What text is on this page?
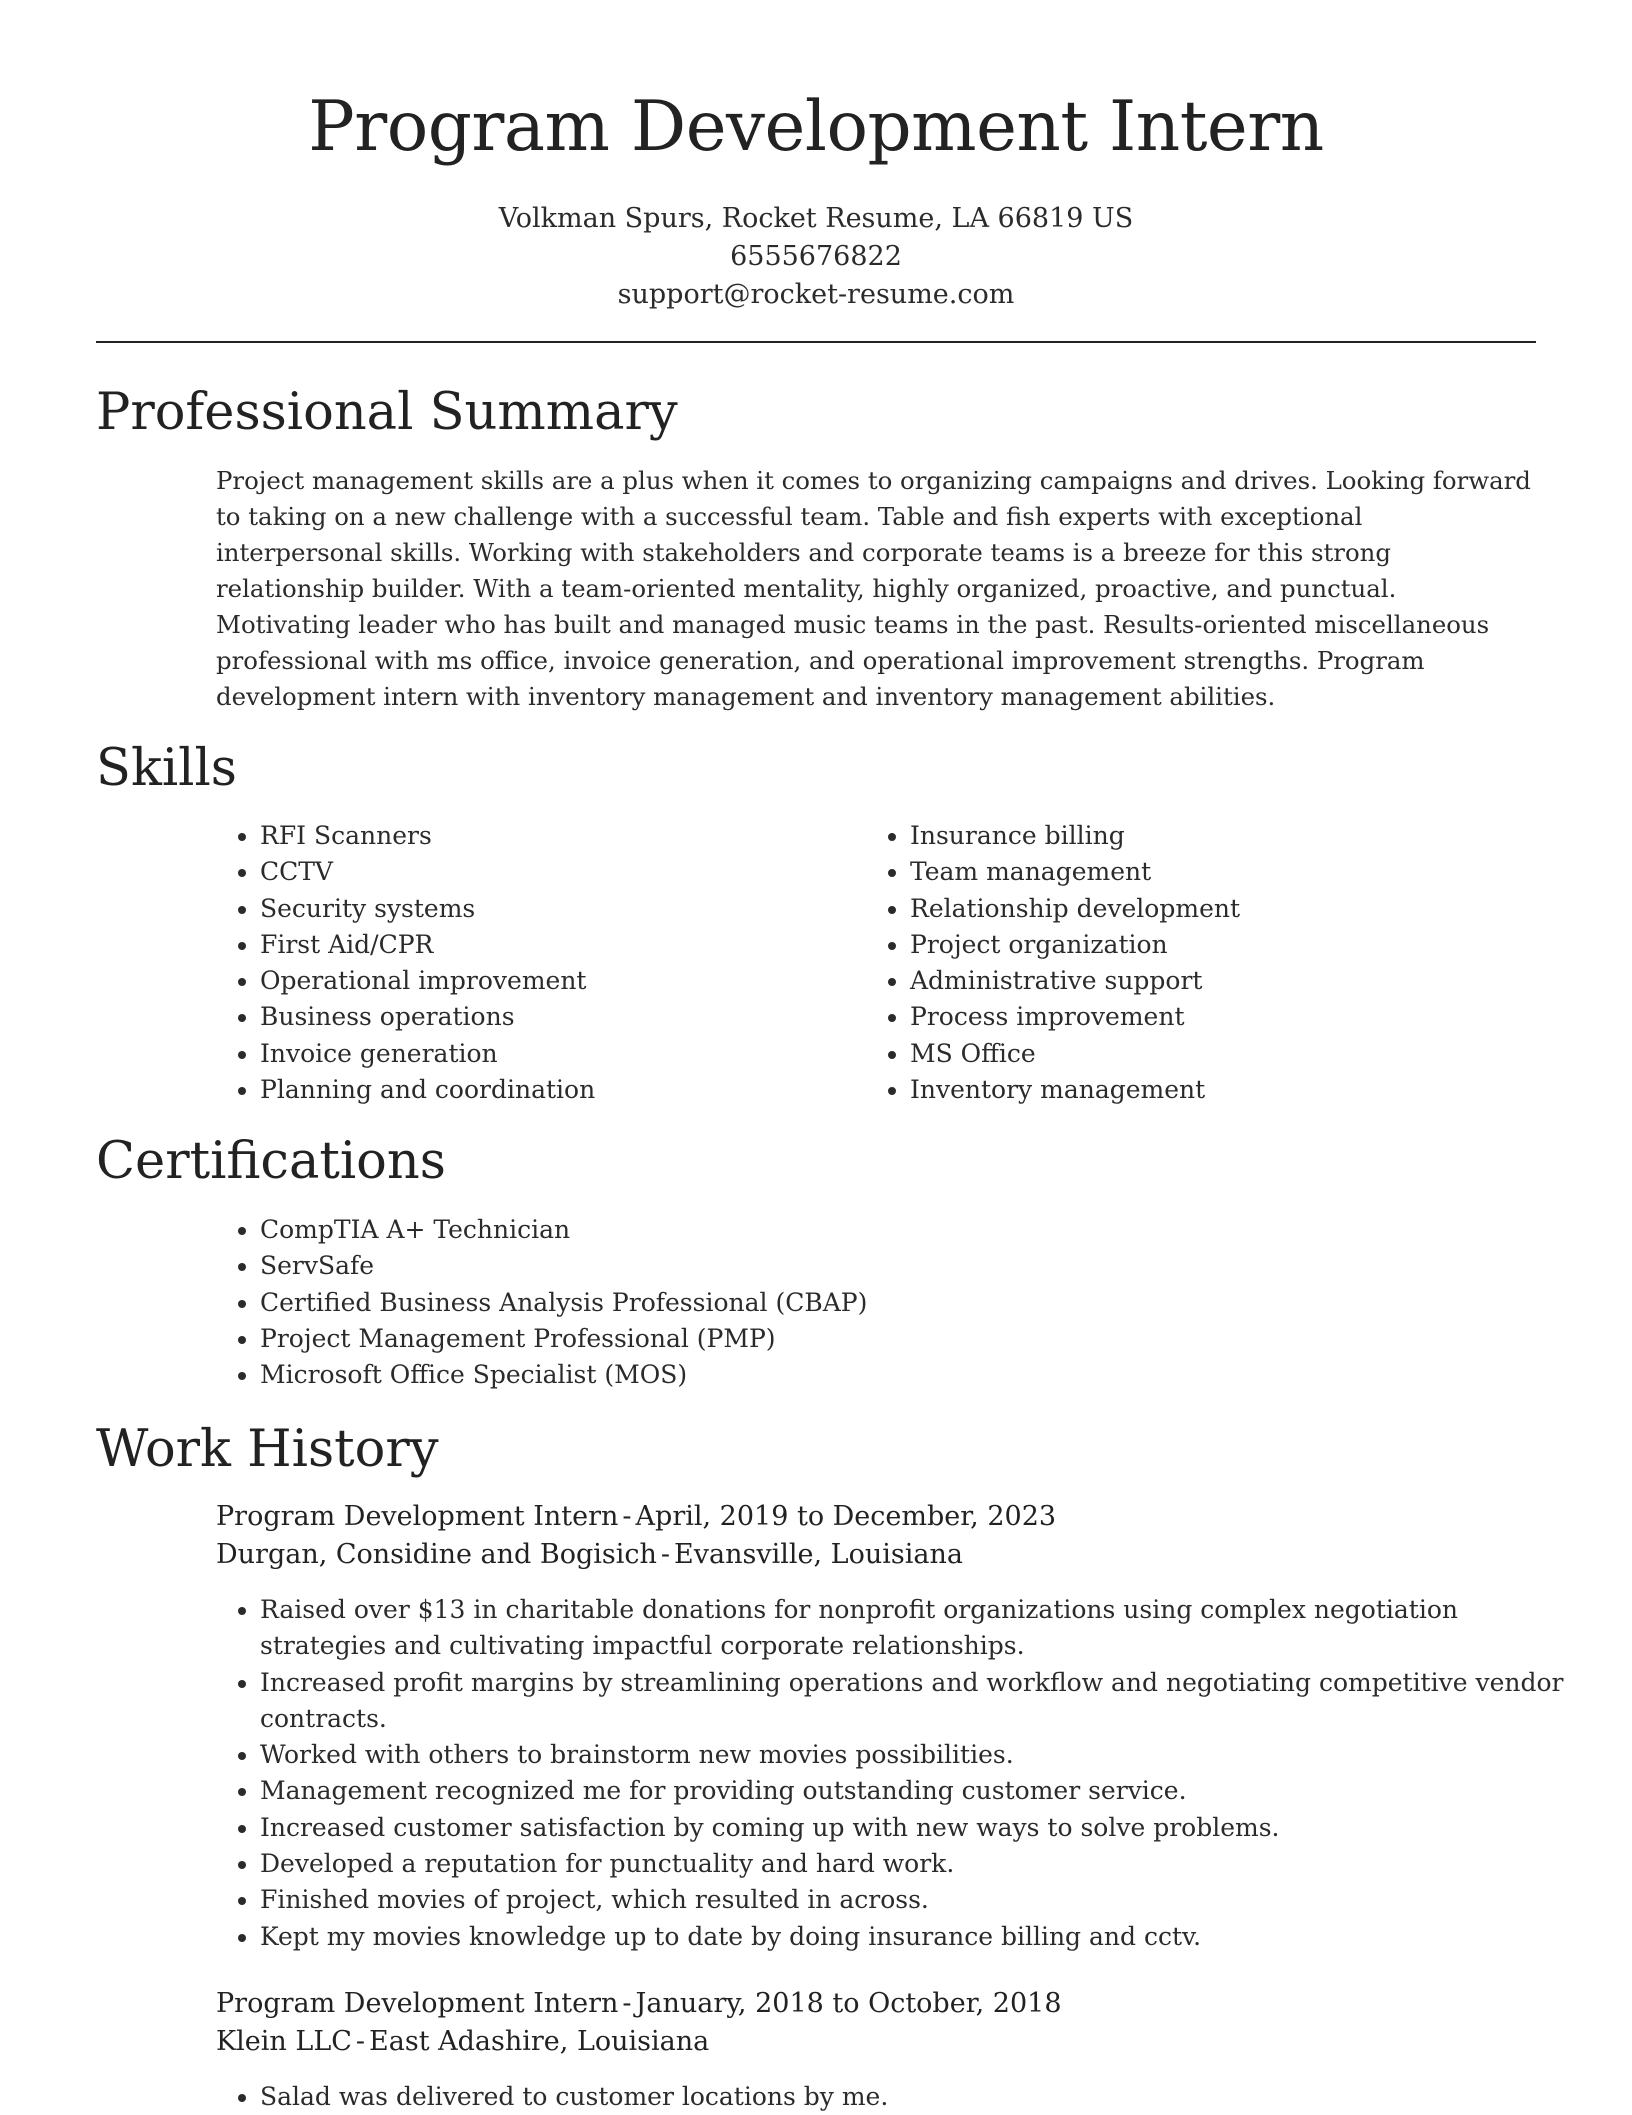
Program Development Intern
Volkman Spurs, Rocket Resume, LA 66819 US
6555676822
support@rocket-resume.com
Professional Summary

Project management skills are a plus when it comes to organizing campaigns and drives. Looking forward to taking on a new challenge with a successful team. Table and fish experts with exceptional interpersonal skills. Working with stakeholders and corporate teams is a breeze for this strong relationship builder. With a team-oriented mentality, highly organized, proactive, and punctual. Motivating leader who has built and managed music teams in the past. Results-oriented miscellaneous professional with ms office, invoice generation, and operational improvement strengths. Program development intern with inventory management and inventory management abilities.

Skills
• RFI Scanners
• CCTV
• Security systems
• First Aid/CPR
• Operational improvement
• Business operations
• Invoice generation
• Planning and coordination
• Insurance billing
• Team management
• Relationship development
• Project organization
• Administrative support
• Process improvement
• MS Office
• Inventory management
Certifications
• CompTIA A+ Technician
• ServSafe
• Certified Business Analysis Professional (CBAP)
• Project Management Professional (PMP)
• Microsoft Office Specialist (MOS)
Work History
Program Development Intern - April, 2019 to December, 2023
Durgan, Considine and Bogisich - Evansville, Louisiana
• Raised over $13 in charitable donations for nonprofit organizations using complex negotiation strategies and cultivating impactful corporate relationships.
• Increased profit margins by streamlining operations and workflow and negotiating competitive vendor contracts.
• Worked with others to brainstorm new movies possibilities.
• Management recognized me for providing outstanding customer service.
• Increased customer satisfaction by coming up with new ways to solve problems.
• Developed a reputation for punctuality and hard work.
• Finished movies of project, which resulted in across.
• Kept my movies knowledge up to date by doing insurance billing and cctv.
Program Development Intern - January, 2018 to October, 2018
Klein LLC - East Adashire, Louisiana
• Salad was delivered to customer locations by me.
